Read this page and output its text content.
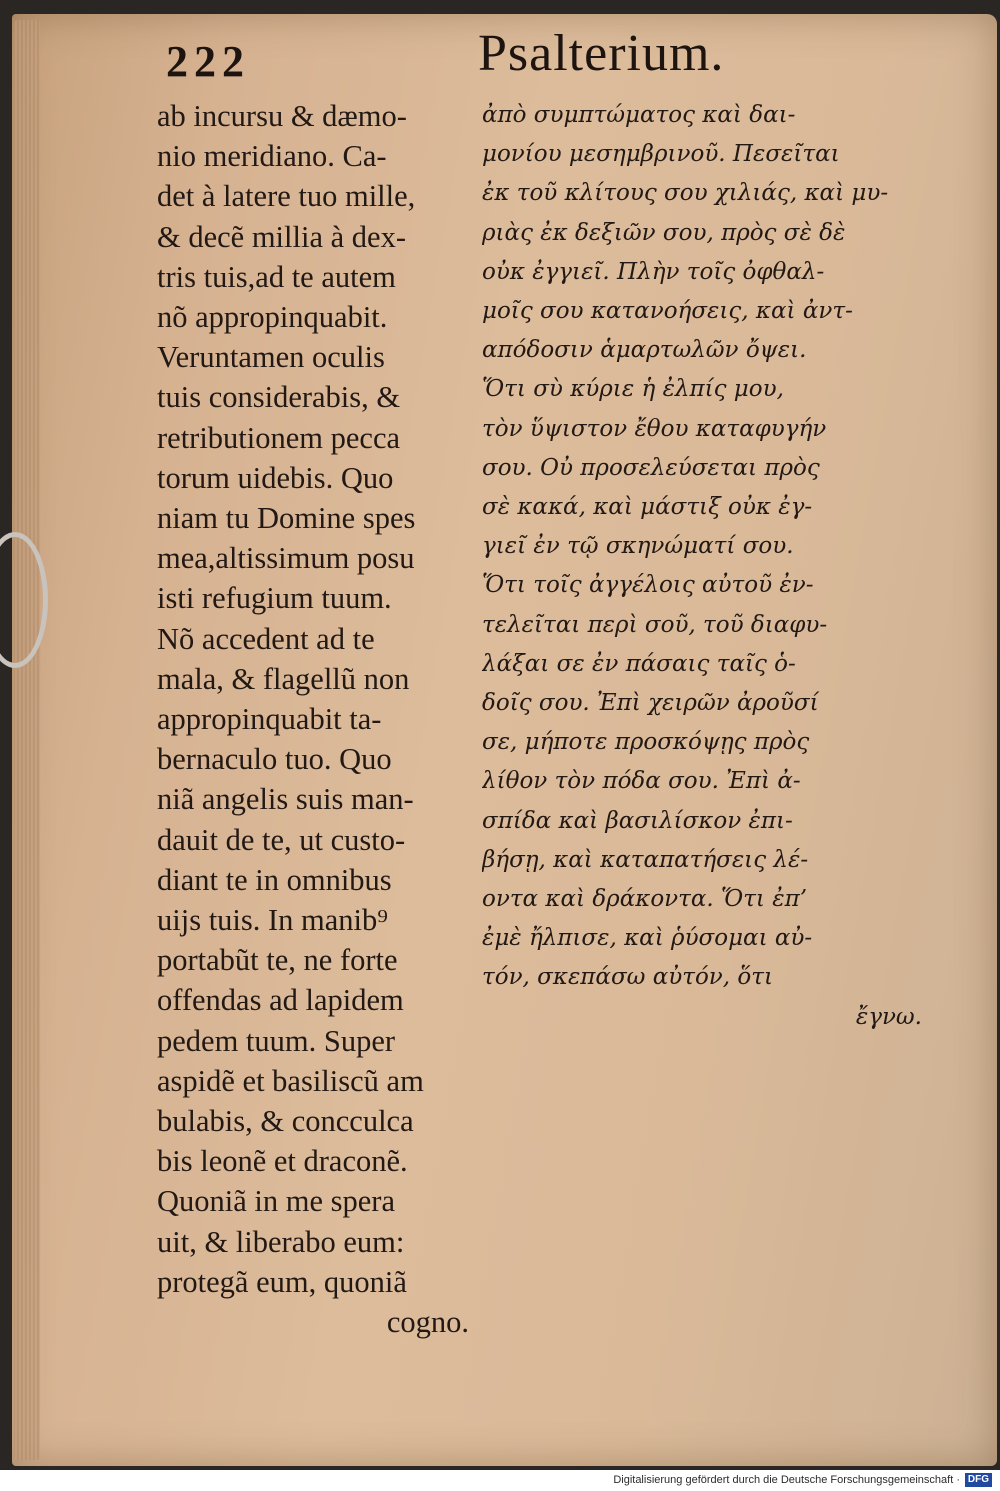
222	Psalterium.
ab incursu & dæmo-
nio meridiano. Ca-
det à latere tuo mille,
& decẽ millia à dex-
tris tuis,ad te autem
nõ appropinquabit.
Veruntamen oculis
tuis considerabis, &
retributionem pecca
torum uidebis. Quo
niam tu Domine spes
mea,altissimum posu
isti refugium tuum.
Nõ accedent ad te
mala, & flagellũ non
appropinquabit ta-
bernaculo tuo. Quo
niã angelis suis man-
dauit de te, ut custo-
diant te in omnibus
uijs tuis. In manib⁹
portabũt te, ne forte
offendas ad lapidem
pedem tuum. Super
aspidẽ et basiliscũ am
bulabis, & concculca
bis leonẽ et draconẽ.
Quoniã in me spera
uit, & liberabo eum:
protegã eum, quoniã
cogno.
ἀπὸ συμπτώματος καὶ δαι-
μονίου μεσημβρινοῦ. Πεσεῖται
ἐκ τοῦ κλίτους σου χιλιάς, καὶ μυ-
ριὰς ἐκ δεξιῶν σου, πρὸς σὲ δὲ
οὐκ ἐγγιεῖ. Πλὴν τοῖς ὀφθαλ-
μοῖς σου κατανοήσεις, καὶ ἀντ-
απόδοσιν ἁμαρτωλῶν ὄψει.
Ὅτι σὺ κύριε ἡ ἐλπίς μου,
τὸν ὕψιστον ἔθου καταφυγήν
σου. Οὐ προσελεύσεται πρὸς
σὲ κακά, καὶ μάστιξ οὐκ ἐγ-
γιεῖ ἐν τῷ σκηνώματί σου.
Ὅτι τοῖς ἀγγέλοις αὐτοῦ ἐν-
τελεῖται περὶ σοῦ, τοῦ διαφυ-
λάξαι σε ἐν πάσαις ταῖς ὁ-
δοῖς σου. Ἐπὶ χειρῶν ἀροῦσί
σε, μήποτε προσκόψῃς πρὸς
λίθον τὸν πόδα σου. Ἐπὶ ἀ-
σπίδα καὶ βασιλίσκον ἐπι-
βήσῃ, καὶ καταπατήσεις λέ-
οντα καὶ δράκοντα. Ὅτι ἐπ’
ἐμὲ ἤλπισε, καὶ ῥύσομαι αὐ-
τόν, σκεπάσω αὐτόν, ὅτι
ἔγνω.
Digitalisierung gefördert durch die Deutsche Forschungsgemeinschaft · DFG
